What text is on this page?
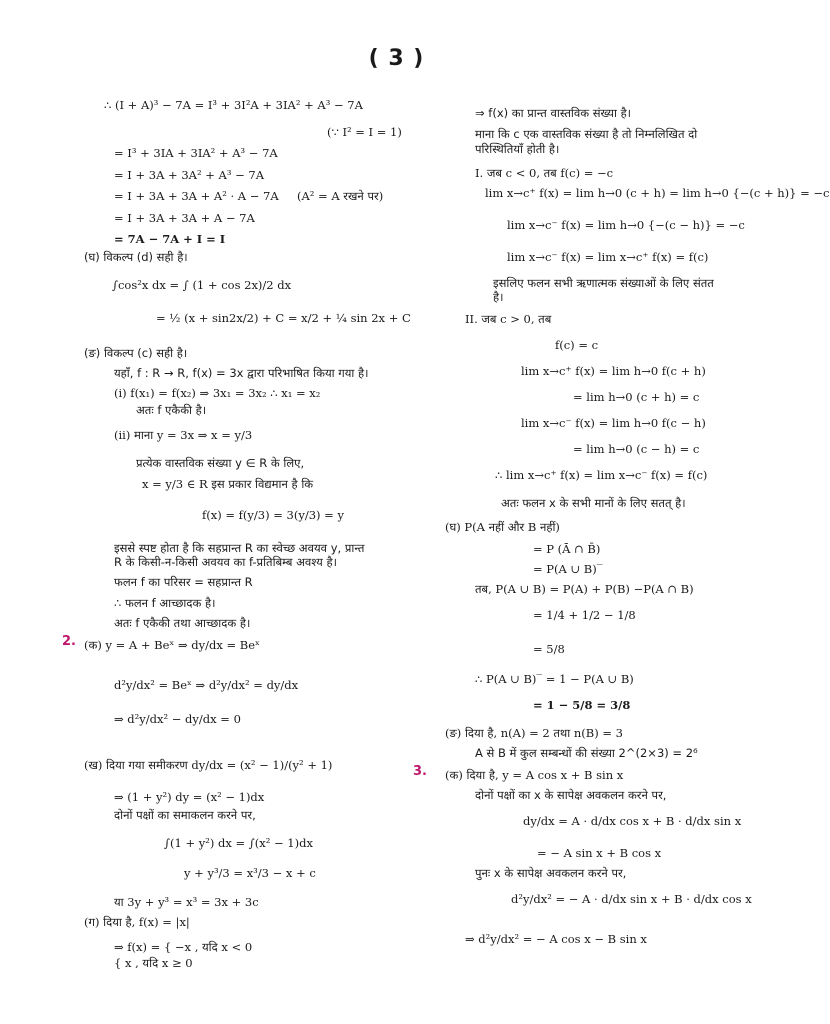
( 3 )
∴ (I + A)³ − 7A = I³ + 3I²A + 3IA² + A³ − 7A
(∵ I² = I = 1)
= I³ + 3IA + 3IA² + A³ − 7A
= I + 3A + 3A² + A³ − 7A
= I + 3A + 3A + A² · A − 7A (A² = A रखने पर)
= I + 3A + 3A + A − 7A
= 7A − 7A + I = I
(घ) विकल्प (d) सही है।
∫cos²x dx = ∫ (1 + cos 2x)/2 dx
= ½ (x + sin2x/2) + C = x/2 + ¼ sin 2x + C
(ङ) विकल्प (c) सही है।
यहाँ, f : R → R, f(x) = 3x द्वारा परिभाषित किया गया है।
(i) f(x₁) = f(x₂) ⇒ 3x₁ = 3x₂ ∴ x₁ = x₂
अतः f एकैकी है।
(ii) माना y = 3x ⇒ x = y/3
प्रत्येक वास्तविक संख्या y ∈ R के लिए,
x = y/3 ∈ R इस प्रकार विद्यमान है कि
f(x) = f(y/3) = 3(y/3) = y
इससे स्पष्ट होता है कि सहप्रान्त R का स्वेच्छ अवयव y, प्रान्त
R के किसी-न-किसी अवयव का f-प्रतिबिम्ब अवश्य है।
फलन f का परिसर = सहप्रान्त R
∴ फलन f आच्छादक है।
अतः f एकैकी तथा आच्छादक है।
2. (क) y = A + Beˣ ⇒ dy/dx = Beˣ
d²y/dx² = Beˣ ⇒ d²y/dx² = dy/dx
⇒ d²y/dx² − dy/dx = 0
(ख) दिया गया समीकरण dy/dx = (x² − 1)/(y² + 1)
⇒ (1 + y²) dy = (x² − 1)dx
दोनों पक्षों का समाकलन करने पर,
∫(1 + y²) dx = ∫(x² − 1)dx
y + y³/3 = x³/3 − x + c
या 3y + y³ = x³ = 3x + 3c
(ग) दिया है, f(x) = |x|
⇒ f(x) = { −x , यदि x < 0
{ x , यदि x ≥ 0
⇒ f(x) का प्रान्त वास्तविक संख्या है।
माना कि c एक वास्तविक संख्या है तो निम्नलिखित दो
परिस्थितियाँ होती है।
I. जब c < 0, तब f(c) = −c
lim x→c⁺ f(x) = lim h→0 (c + h) = lim h→0 {−(c + h)} = −c
lim x→c⁻ f(x) = lim h→0 {−(c − h)} = −c
lim x→c⁻ f(x) = lim x→c⁺ f(x) = f(c)
इसलिए फलन सभी ऋणात्मक संख्याओं के लिए संतत
है।
II. जब c > 0, तब
f(c) = c
lim x→c⁺ f(x) = lim h→0 f(c + h)
= lim h→0 (c + h) = c
lim x→c⁻ f(x) = lim h→0 f(c − h)
= lim h→0 (c − h) = c
∴ lim x→c⁺ f(x) = lim x→c⁻ f(x) = f(c)
अतः फलन x के सभी मानों के लिए सतत् है।
(घ) P(A नहीं और B नहीं)
= P (Ā ∩ B̄)
= P(A ∪ B)‾
तब, P(A ∪ B) = P(A) + P(B) −P(A ∩ B)
= 1/4 + 1/2 − 1/8
= 5/8
∴ P(A ∪ B)‾ = 1 − P(A ∪ B)
= 1 − 5/8 = 3/8
(ङ) दिया है, n(A) = 2 तथा n(B) = 3
A से B में कुल सम्बन्धों की संख्या 2^(2×3) = 2⁶
3. (क) दिया है, y = A cos x + B sin x
दोनों पक्षों का x के सापेक्ष अवकलन करने पर,
dy/dx = A · d/dx cos x + B · d/dx sin x
= − A sin x + B cos x
पुनः x के सापेक्ष अवकलन करने पर,
d²y/dx² = − A · d/dx sin x + B · d/dx cos x
⇒ d²y/dx² = − A cos x − B sin x
